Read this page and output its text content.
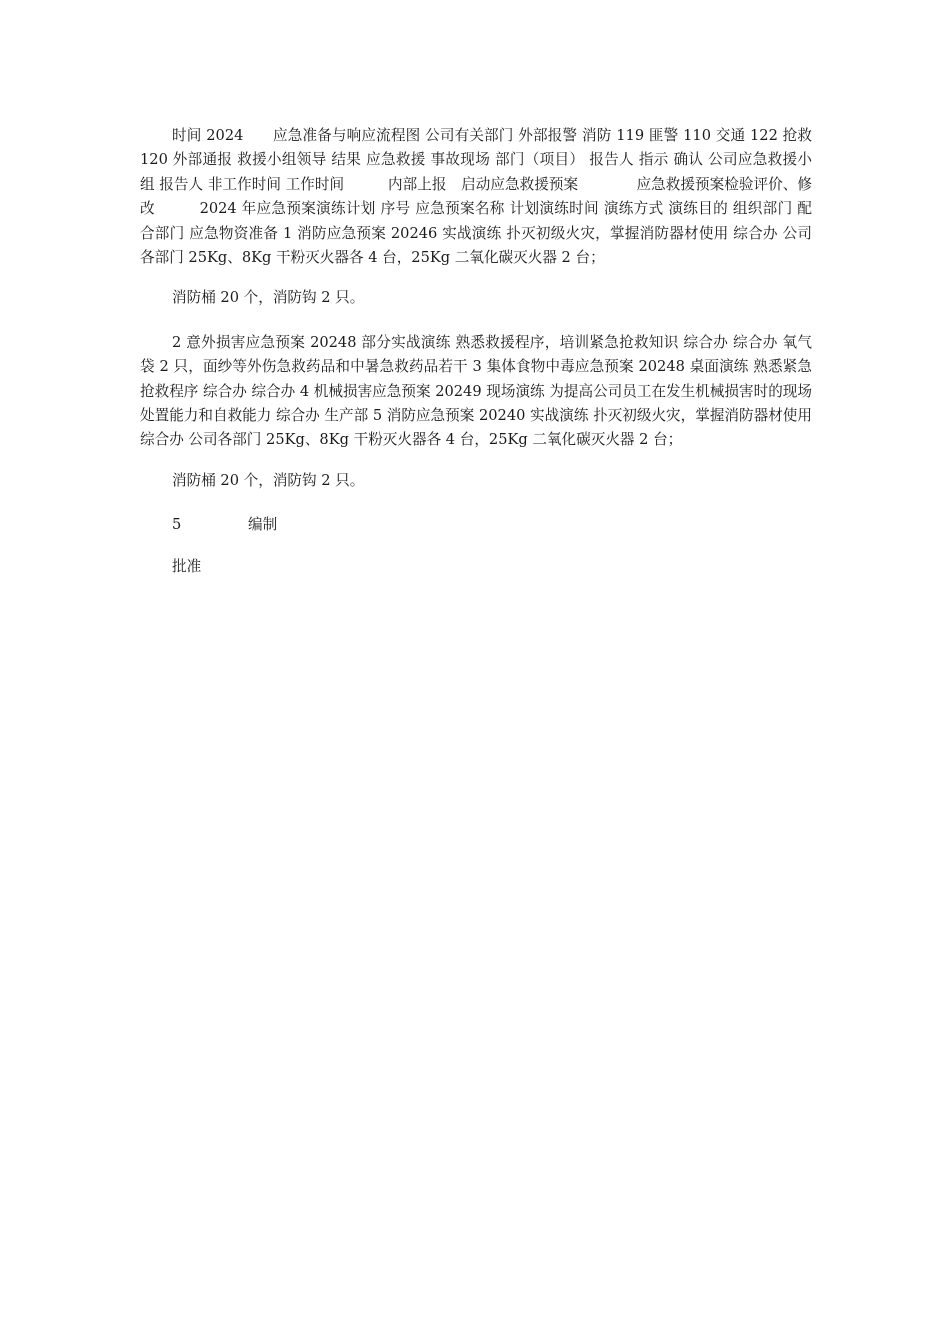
时间 2024　　应急准备与响应流程图 公司有关部门 外部报警 消防 119 匪警 110 交通 122 抢救 120 外部通报 救援小组领导 结果 应急救援 事故现场 部门（项目） 报告人 指示 确认 公司应急救援小组 报告人 非工作时间 工作时间　　　内部上报　启动应急救援预案　　　　应急救援预案检验评价、修改　　　2024 年应急预案演练计划 序号 应急预案名称 计划演练时间 演练方式 演练目的 组织部门 配合部门 应急物资准备 1 消防应急预案 20246 实战演练 扑灭初级火灾，掌握消防器材使用 综合办 公司各部门 25Kg、8Kg 干粉灭火器各 4 台，25Kg 二氧化碳灭火器 2 台；

消防桶 20 个，消防钩 2 只。

2 意外损害应急预案 20248 部分实战演练 熟悉救援程序，培训紧急抢救知识 综合办 综合办 氧气袋 2 只，面纱等外伤急救药品和中暑急救药品若干 3 集体食物中毒应急预案 20248 桌面演练 熟悉紧急抢救程序 综合办 综合办 4 机械损害应急预案 20249 现场演练 为提高公司员工在发生机械损害时的现场处置能力和自救能力 综合办 生产部 5 消防应急预案 20240 实战演练 扑灭初级火灾，掌握消防器材使用 综合办 公司各部门 25Kg、8Kg 干粉灭火器各 4 台，25Kg 二氧化碳灭火器 2 台；

消防桶 20 个，消防钩 2 只。

5	编制
批准
